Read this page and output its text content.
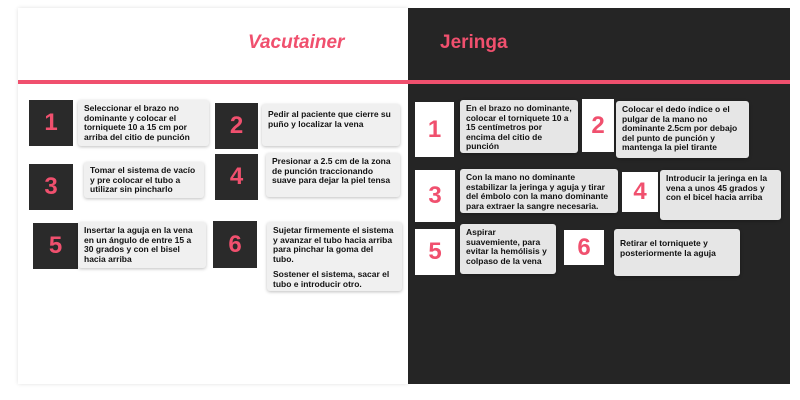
Vacutainer	Jeringa
1
Seleccionar el brazo no dominante y colocar el torniquete 10 a 15 cm por arriba del citio de punción	2	Pedir al paciente que cierre su puño y localizar la vena
3
Tomar el sistema de vacío y pre colocar el tubo a utilizar sin pincharlo	4
Presionar a 2.5 cm de la zona de punción traccionando suave para dejar la piel tensa
5
Insertar la aguja en la vena en un ángulo de entre 15 a 30 grados y con el bisel hacia arriba
6

Sujetar firmemente el sistema y avanzar el tubo hacia arriba para pinchar la goma del tubo.

Sostener el sistema, sacar el tubo e introducir otro.

1
En el brazo no dominante, colocar el torniquete 10 a 15 centímetros por encima del citio de punción
2
Colocar el dedo índice o el pulgar de la mano no dominante 2.5cm por debajo del punto de punción y mantenga la piel tirante
3
Con la mano no dominante estabilizar la jeringa y aguja y tirar del émbolo con la mano dominante para extraer la sangre necesaria.
4	Introducir la jeringa en la vena a unos 45 grados y con el bicel hacia arriba
5
Aspirar suavemiente, para evitar la hemólisis y colpaso de la vena
6	Retirar el torniquete y posteriormente la aguja
